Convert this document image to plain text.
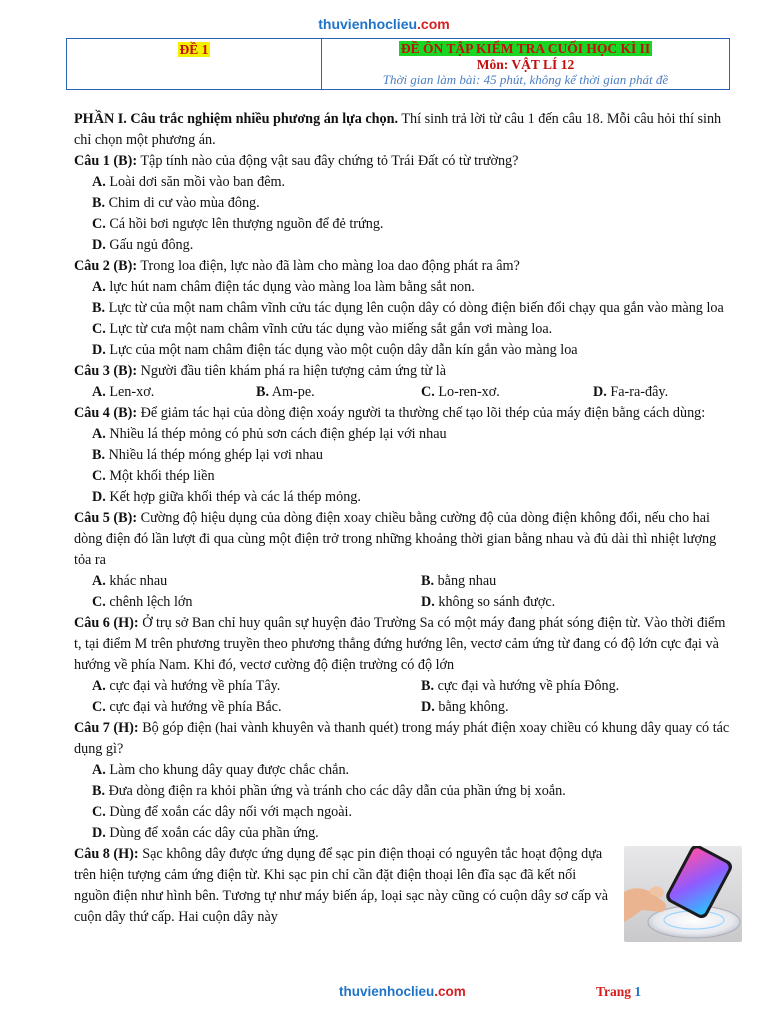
thuvienhoclieu.com
ĐỀ 1	ĐỀ ÔN TẬP KIỂM TRA CUỐI HỌC KÌ II
Môn: VẬT LÍ 12
Thời gian làm bài: 45 phút, không kể thời gian phát đề

PHẦN I. Câu trắc nghiệm nhiều phương án lựa chọn. Thí sinh trả lời từ câu 1 đến câu 18. Mỗi câu hỏi thí sinh chỉ chọn một phương án.

Câu 1 (B): Tập tính nào của động vật sau đây chứng tỏ Trái Đất có từ trường?

A. Loài dơi săn mồi vào ban đêm.

B. Chim di cư vào mùa đông.

C. Cá hồi bơi ngược lên thượng nguồn để đẻ trứng.

D. Gấu ngủ đông.

Câu 2 (B): Trong loa điện, lực nào đã làm cho màng loa dao động phát ra âm?

A. lực hút nam châm điện tác dụng vào màng loa làm bằng sắt non.

B. Lực từ của một nam châm vĩnh cửu tác dụng lên cuộn dây có dòng điện biến đổi chạy qua gắn vào màng loa

C. Lực từ cưa một nam châm vĩnh cửu tác dụng vào miếng sắt gắn vơi màng loa.

D. Lực của một nam châm điện tác dụng vào một cuộn dây dẫn kín gắn vào màng loa

Câu 3 (B): Người đầu tiên khám phá ra hiện tượng cảm ứng từ là

A. Len-xơ.	B. Am-pe.	C. Lo-ren-xơ.	D. Fa-ra-đây.

Câu 4 (B): Để giảm tác hại của dòng điện xoáy người ta thường chế tạo lõi thép của máy điện bằng cách dùng:

A. Nhiều lá thép mỏng có phủ sơn cách điện ghép lại với nhau

B. Nhiều lá thép móng ghép lại vơi nhau

C. Một khối thép liền

D. Kết hợp giữa khối thép và các lá thép mỏng.

Câu 5 (B): Cường độ hiệu dụng của dòng điện xoay chiều bằng cường độ của dòng điện không đổi, nếu cho hai dòng điện đó lần lượt đi qua cùng một điện trở trong những khoảng thời gian bằng nhau và đủ dài thì nhiệt lượng tỏa ra

A. khác nhau	B. bằng nhau
C. chênh lệch lớn	D. không so sánh được.

Câu 6 (H): Ở trụ sở Ban chỉ huy quân sự huyện đảo Trường Sa có một máy đang phát sóng điện từ. Vào thời điểm t, tại điểm M trên phương truyền theo phương thẳng đứng hướng lên, vectơ cảm ứng từ đang có độ lớn cực đại và hướng về phía Nam. Khi đó, vectơ cường độ điện trường có độ lớn

A. cực đại và hướng về phía Tây.	B. cực đại và hướng về phía Đông.
C. cực đại và hướng về phía Bắc.	D. bằng không.

Câu 7 (H): Bộ góp điện (hai vành khuyên và thanh quét) trong máy phát điện xoay chiều có khung dây quay có tác dụng gì?

A. Làm cho khung dây quay được chắc chắn.

B. Đưa dòng điện ra khỏi phần ứng và tránh cho các dây dẫn của phần ứng bị xoắn.

C. Dùng để xoắn các dây nối với mạch ngoài.

D. Dùng để xoắn các dây của phần ứng.

Câu 8 (H): Sạc không dây được ứng dụng để sạc pin điện thoại có nguyên tắc hoạt động dựa trên hiện tượng cảm ứng điện từ. Khi sạc pin chỉ cần đặt điện thoại lên đĩa sạc đã kết nối nguồn điện như hình bên. Tương tự như máy biến áp, loại sạc này cũng có cuộn dây sơ cấp và cuộn dây thứ cấp. Hai cuộn dây này

thuvienhoclieu.com	Trang 1
